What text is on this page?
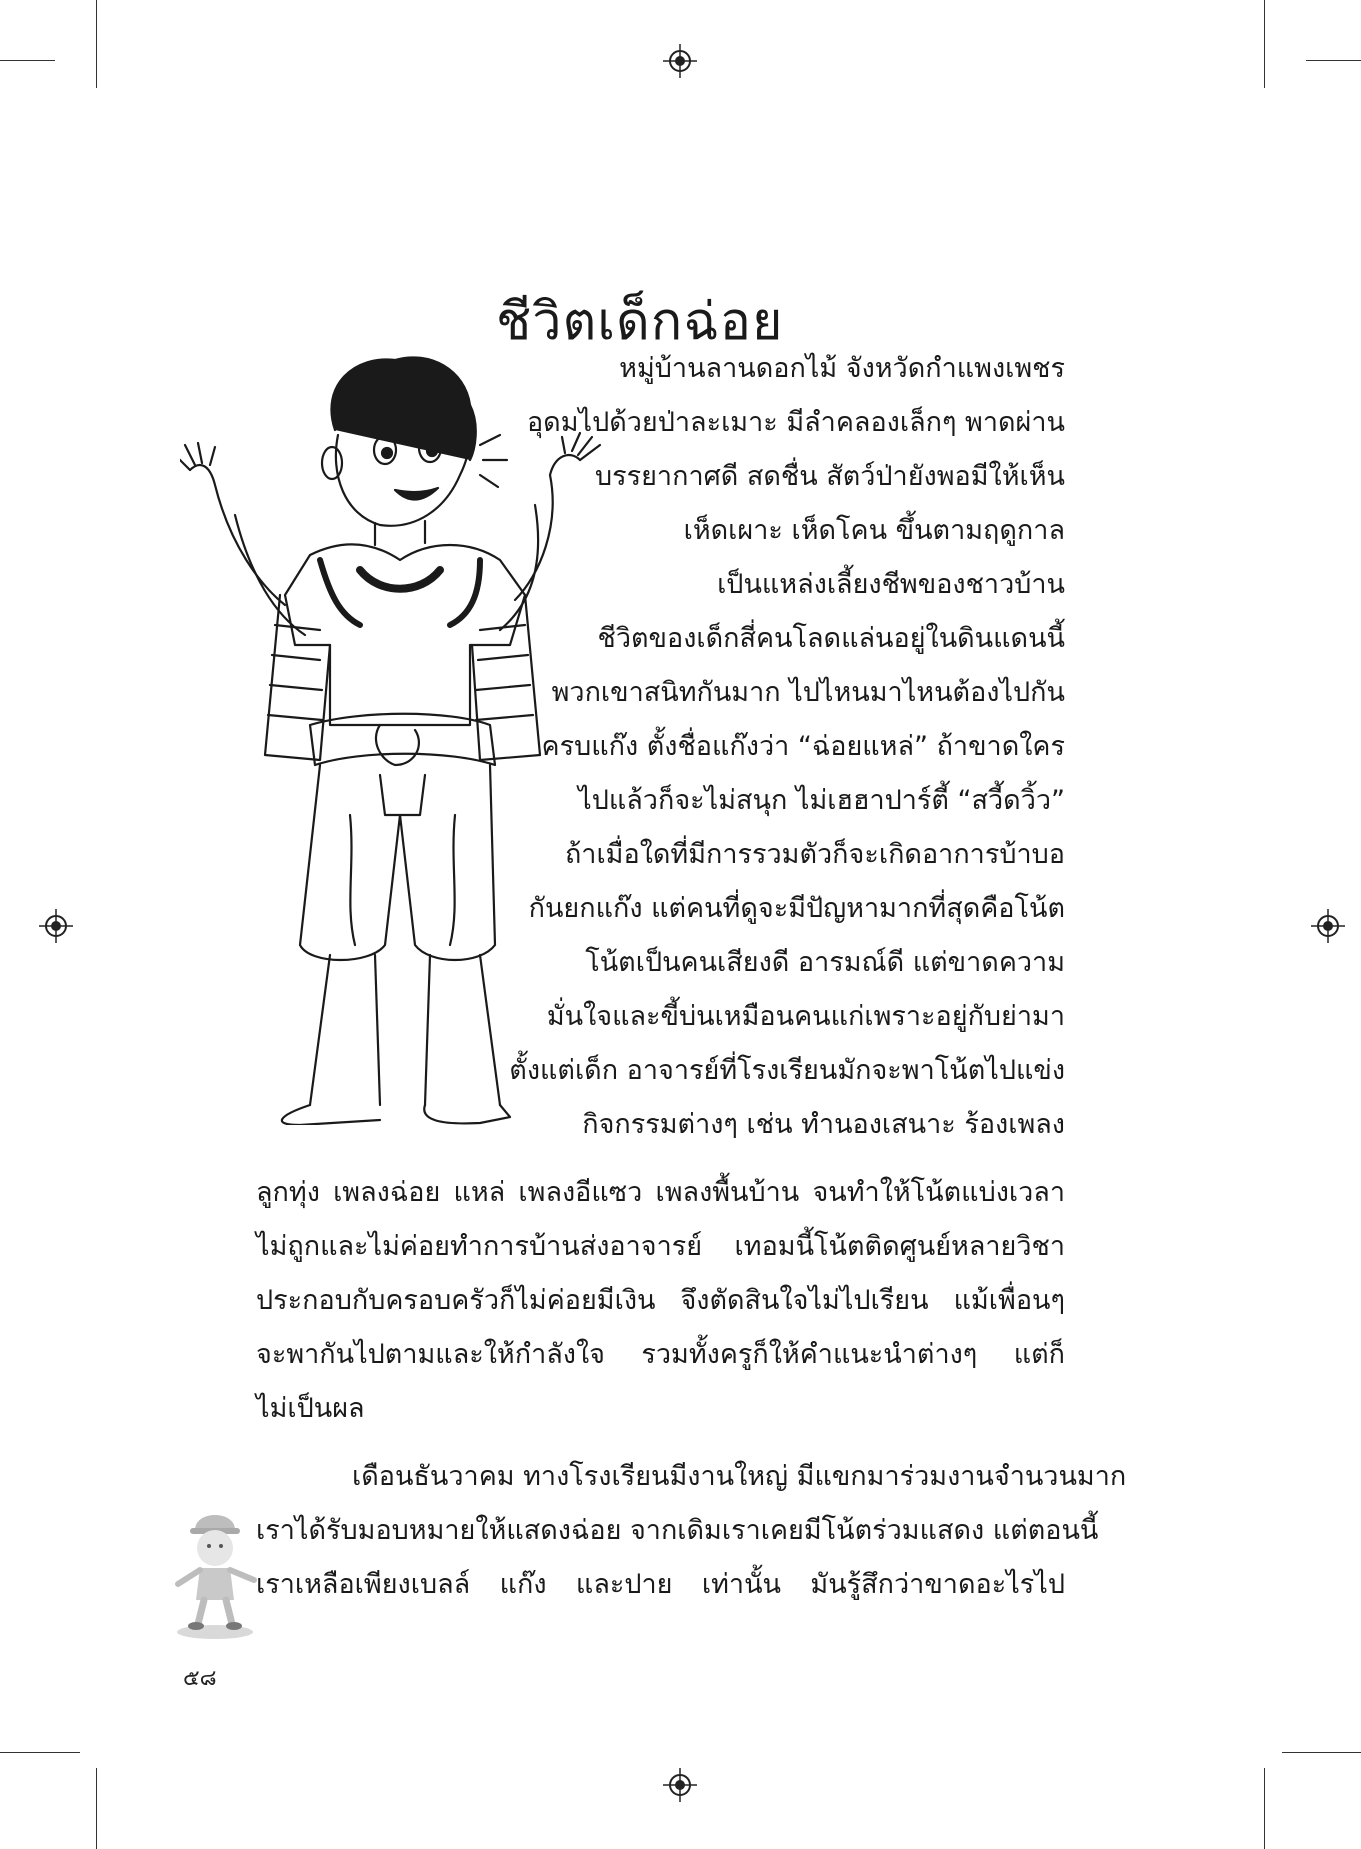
ชีวิตเด็กฉ่อย
หมู่บ้านลานดอกไม้ จังหวัดกำแพงเพชร
อุดมไปด้วยป่าละเมาะ มีลำคลองเล็กๆ พาดผ่าน
บรรยากาศดี สดชื่น สัตว์ป่ายังพอมีให้เห็น
เห็ดเผาะ เห็ดโคน ขึ้นตามฤดูกาล
เป็นแหล่งเลี้ยงชีพของชาวบ้าน
ชีวิตของเด็กสี่คนโลดแล่นอยู่ในดินแดนนี้
พวกเขาสนิทกันมาก ไปไหนมาไหนต้องไปกัน
ครบแก๊ง ตั้งชื่อแก๊งว่า “ฉ่อยแหล่” ถ้าขาดใคร
ไปแล้วก็จะไม่สนุก ไม่เฮฮาปาร์ตี้ “สวี้ดวิ้ว”
ถ้าเมื่อใดที่มีการรวมตัวก็จะเกิดอาการบ้าบอ
กันยกแก๊ง แต่คนที่ดูจะมีปัญหามากที่สุดคือโน้ต
โน้ตเป็นคนเสียงดี อารมณ์ดี แต่ขาดความ
มั่นใจและขี้บ่นเหมือนคนแก่เพราะอยู่กับย่ามา
ตั้งแต่เด็ก อาจารย์ที่โรงเรียนมักจะพาโน้ตไปแข่ง
กิจกรรมต่างๆ เช่น ทำนองเสนาะ ร้องเพลง
ลูกทุ่ง เพลงฉ่อย แหล่ เพลงอีแซว เพลงพื้นบ้าน จนทำให้โน้ตแบ่งเวลา
ไม่ถูกและไม่ค่อยทำการบ้านส่งอาจารย์ เทอมนี้โน้ตติดศูนย์หลายวิชา
ประกอบกับครอบครัวก็ไม่ค่อยมีเงิน จึงตัดสินใจไม่ไปเรียน แม้เพื่อนๆ
จะพากันไปตามและให้กำลังใจ รวมทั้งครูก็ให้คำแนะนำต่างๆ แต่ก็
ไม่เป็นผล
เดือนธันวาคม ทางโรงเรียนมีงานใหญ่ มีแขกมาร่วมงานจำนวนมาก
เราได้รับมอบหมายให้แสดงฉ่อย จากเดิมเราเคยมีโน้ตร่วมแสดง แต่ตอนนี้
เราเหลือเพียงเบลล์ แก๊ง และปาย เท่านั้น มันรู้สึกว่าขาดอะไรไป
๕๘
